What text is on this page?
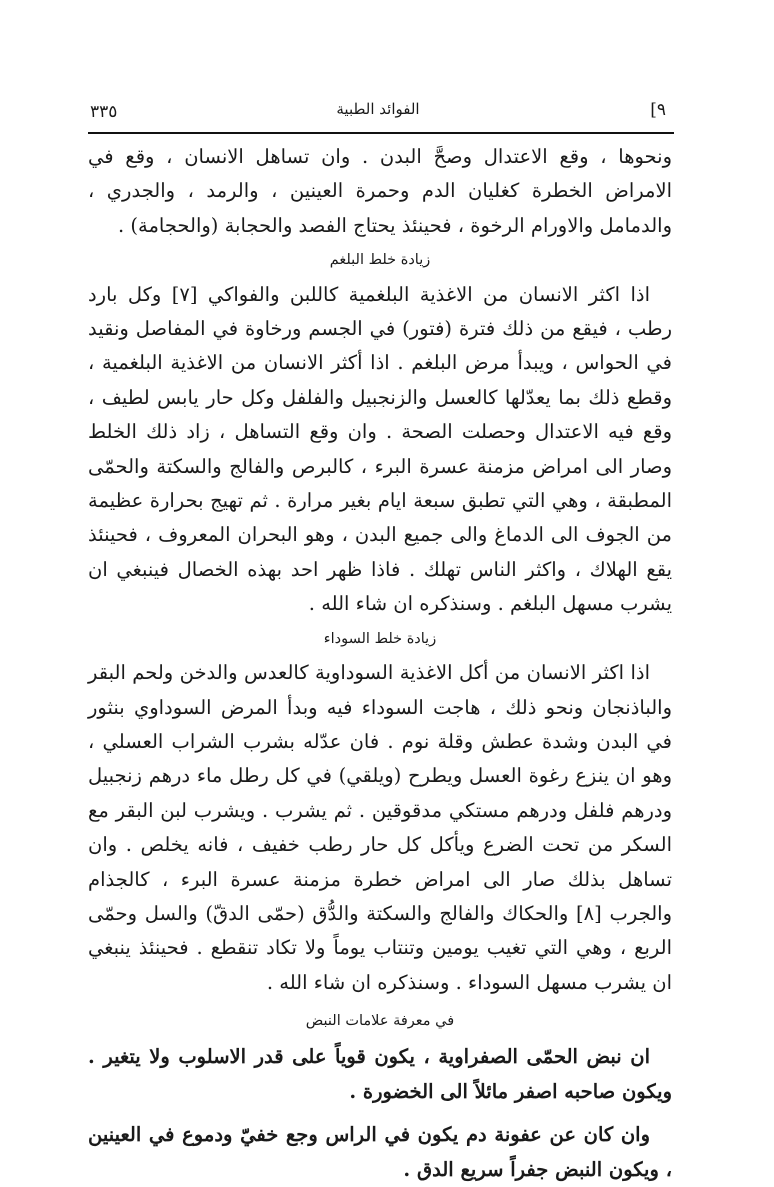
٣٣٥	الفوائد الطبية	[٩

ونحوها ، وقع الاعتدال وصحَّ البدن . وان تساهل الانسان ، وقع في الامراض الخطرة كغليان الدم وحمرة العينين ، والرمد ، والجدري ، والدمامل والاورام الرخوة ، فحينئذ يحتاج الفصد والحجابة (والحجامة) .

زيادة خلط البلغم

اذا اكثر الانسان من الاغذية البلغمية كاللبن والفواكي [٧] وكل بارد رطب ، فيقع من ذلك فترة (فتور) في الجسم ورخاوة في المفاصل ونقيد في الحواس ، ويبدأ مرض البلغم . اذا أكثر الانسان من الاغذية البلغمية ، وقطع ذلك بما يعدّلها كالعسل والزنجبيل والفلفل وكل حار يابس لطيف ، وقع فيه الاعتدال وحصلت الصحة . وان وقع التساهل ، زاد ذلك الخلط وصار الى امراض مزمنة عسرة البرء ، كالبرص والفالج والسكتة والحمّى المطبقة ، وهي التي تطبق سبعة ايام بغير مرارة . ثم تهيج بحرارة عظيمة من الجوف الى الدماغ والى جميع البدن ، وهو البحران المعروف ، فحينئذ يقع الهلاك ، واكثر الناس تهلك . فاذا ظهر احد بهذه الخصال فينبغي ان يشرب مسهل البلغم . وسنذكره ان شاء الله .

زيادة خلط السوداء

اذا اكثر الانسان من أكل الاغذية السوداوية كالعدس والدخن ولحم البقر والباذنجان ونحو ذلك ، هاجت السوداء فيه وبدأ المرض السوداوي بنثور في البدن وشدة عطش وقلة نوم . فان عدّله بشرب الشراب العسلي ، وهو ان ينزع رغوة العسل ويطرح (ويلقي) في كل رطل ماء درهم زنجبيل ودرهم فلفل ودرهم مستكي مدقوقين . ثم يشرب . ويشرب لبن البقر مع السكر من تحت الضرع ويأكل كل حار رطب خفيف ، فانه يخلص . وان تساهل بذلك صار الى امراض خطرة مزمنة عسرة البرء ، كالجذام والجرب [٨] والحكاك والفالج والسكتة والدُّق (حمّى الدقّ) والسل وحمّى الربع ، وهي التي تغيب يومين وتنتاب يوماً ولا تكاد تنقطع . فحينئذ ينبغي ان يشرب مسهل السوداء . وسنذكره ان شاء الله .

في معرفة علامات النبض

ان نبض الحمّى الصفراوية ، يكون قوياً على قدر الاسلوب ولا يتغير . ويكون صاحبه اصفر مائلاً الى الخضورة .

وان كان عن عفونة دم يكون في الراس وجع خفيّ ودموع في العينين ، ويكون النبض جفراً سريع الدق .
